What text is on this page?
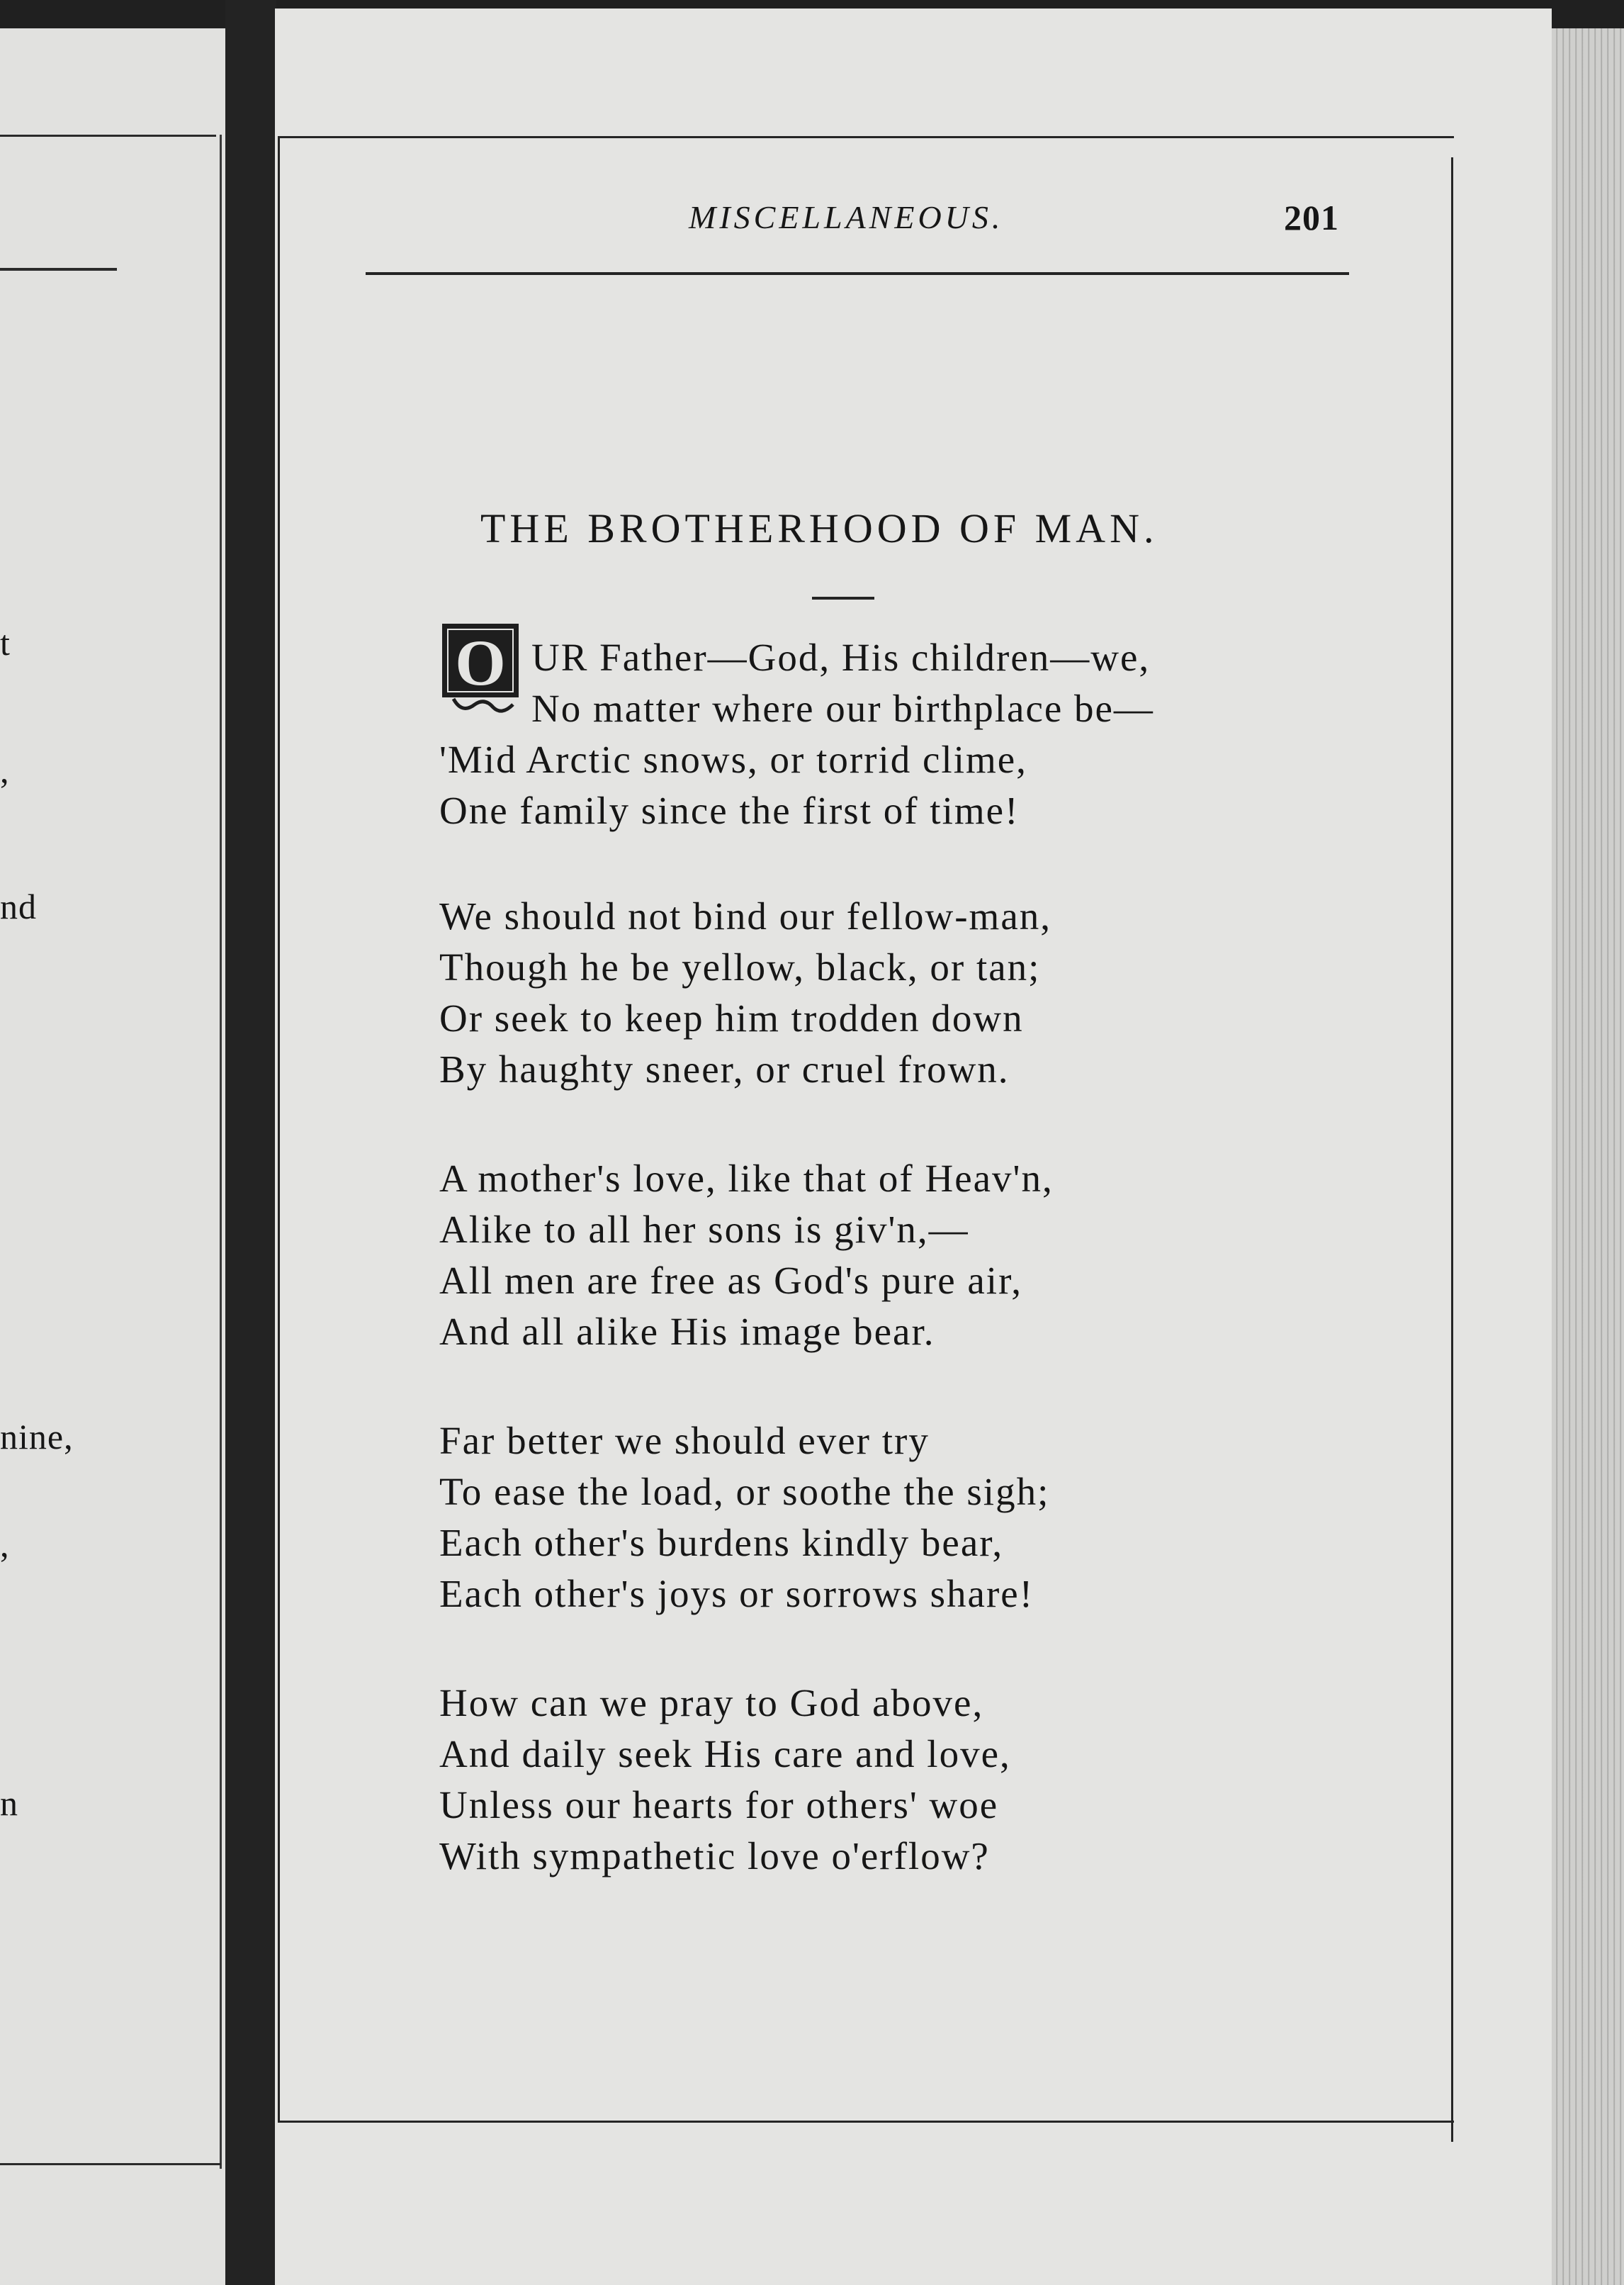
t
,
nd
nine,
,
n
MISCELLANEOUS.	201
THE BROTHERHOOD OF MAN.
O UR Father—God, His children—we,
No matter where our birthplace be—
'Mid Arctic snows, or torrid clime,
One family since the first of time!
We should not bind our fellow-man,
Though he be yellow, black, or tan;
Or seek to keep him trodden down
By haughty sneer, or cruel frown.
A mother's love, like that of Heav'n,
Alike to all her sons is giv'n,—
All men are free as God's pure air,
And all alike His image bear.
Far better we should ever try
To ease the load, or soothe the sigh;
Each other's burdens kindly bear,
Each other's joys or sorrows share!
How can we pray to God above,
And daily seek His care and love,
Unless our hearts for others' woe
With sympathetic love o'erflow?
